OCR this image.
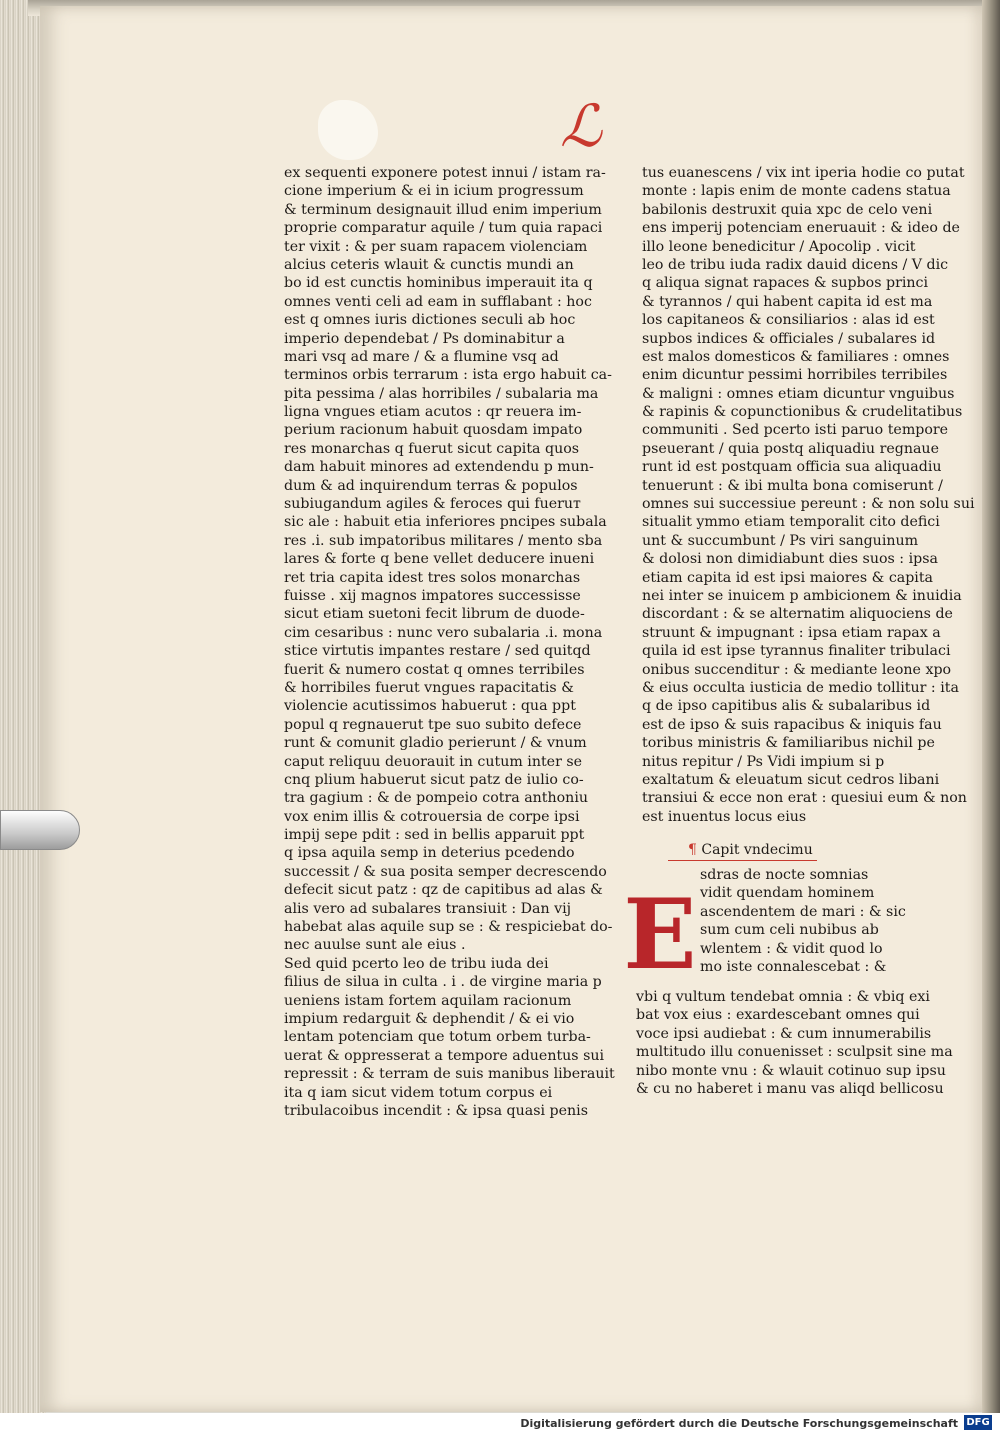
ℒ
ex sequenti exponere potest innui / istam ra-
cione imperium & ei in icium progressum
& terminum designauit illud enim imperium
proprie comparatur aquile / tum quia rapaci
ter vixit : & per suam rapacem violenciam
alcius ceteris wlauit & cunctis mundi an
bo id est cunctis hominibus imperauit ita q
omnes venti celi ad eam in sufflabant : hoc
est q omnes iuris dictiones seculi ab hoc
imperio dependebat / Ps dominabitur a
mari vsq ad mare / & a flumine vsq ad
terminos orbis terrarum : ista ergo habuit ca-
pita pessima / alas horribiles / subalaria ma
ligna vngues etiam acutos : qr reuera im-
perium racionum habuit quosdam impato
res monarchas q fuerut sicut capita quos
dam habuit minores ad extendendu p mun-
dum & ad inquirendum terras & populos
subiugandum agiles & feroces qui fueruт
sic ale : habuit etia inferiores pncipes subala
res .i. sub impatoribus militares / mento sba
lares & forte q bene vellet deducere inueni
ret tria capita idest tres solos monarchas
fuisse . xij magnos impatores successisse
sicut etiam suetoni fecit librum de duode-
cim cesaribus : nunc vero subalaria .i. mona
stice virtutis impantes restare / sed quitqd
fuerit & numero costat q omnes terribiles
& horribiles fuerut vngues rapacitatis &
violencie acutissimos habuerut : qua ppt
popul q regnauerut tpe suo subito defece
runt & comunit gladio perierunt / & vnum
caput reliquu deuorauit in cutum inter se
cnq plium habuerut sicut patz de iulio co-
tra gagium : & de pompeio cotra anthoniu
vox enim illis & cotrouersia de corpe ipsi
impij sepe pdit : sed in bellis apparuit ppt
q ipsa aquila semp in deterius pcedendo
successit / & sua posita semper decrescendo
defecit sicut patz : qz de capitibus ad alas &
alis vero ad subalares transiuit : Dan vij
habebat alas aquile sup se : & respiciebat do-
nec auulse sunt ale eius .
Sed quid pcerto leo de tribu iuda dei
filius de silua in culta . i . de virgine maria p
ueniens istam fortem aquilam racionum
impium redarguit & dephendit / & ei vio
lentam potenciam que totum orbem turba-
uerat & oppresserat a tempore aduentus sui
repressit : & terram de suis manibus liberauit
ita q iam sicut videm totum corpus ei
tribulacoibus incendit : & ipsa quasi penis
tus euanescens / vix int iperia hodie co putat
monte : lapis enim de monte cadens statua
babilonis destruxit quia xpc de celo veni
ens imperij potenciam eneruauit : & ideo de
illo leone benedicitur / Apocolip . vicit
leo de tribu iuda radix dauid dicens / V dic
q aliqua signat rapaces & supbos princi
& tyrannos / qui habent capita id est ma
los capitaneos & consiliarios : alas id est
supbos indices & officiales / subalares id
est malos domesticos & familiares : omnes
enim dicuntur pessimi horribiles terribiles
& maligni : omnes etiam dicuntur vnguibus
& rapinis & copunctionibus & crudelitatibus
communiti . Sed pcerto isti paruo tempore
pseuerant / quia postq aliquadiu regnaue
runt id est postquam officia sua aliquadiu
tenuerunt : & ibi multa bona comiserunt /
omnes sui successiue pereunt : & non solu sui
situalit ymmo etiam temporalit cito defici
unt & succumbunt / Ps viri sanguinum
& dolosi non dimidiabunt dies suos : ipsa
etiam capita id est ipsi maiores & capita
nei inter se inuicem p ambicionem & inuidia
discordant : & se alternatim aliquociens de
struunt & impugnant : ipsa etiam rapax a
quila id est ipse tyrannus finaliter tribulaci
onibus succenditur : & mediante leone xpo
& eius occulta iusticia de medio tollitur : ita
q de ipso capitibus alis & subalaribus id
est de ipso & suis rapacibus & iniquis fau
toribus ministris & familiaribus nichil pe
nitus repitur / Ps Vidi impium si p
exaltatum & eleuatum sicut cedros libani
transiui & ecce non erat : quesiui eum & non
est inuentus locus eius
¶ Capit vndecimu
E
sdras de nocte somnias
vidit quendam hominem
ascendentem de mari : & sic
sum cum celi nubibus ab
wlentem : & vidit quod lo
mo iste connalescebat : &
vbi q vultum tendebat omnia : & vbiq exi
bat vox eius : exardescebant omnes qui
voce ipsi audiebat : & cum innumerabilis
multitudo illu conuenisset : sculpsit sine ma
nibo monte vnu : & wlauit cotinuo sup ipsu
& cu no haberet i manu vas aliqd bellicosu
Digitalisierung gefördert durch die Deutsche Forschungsgemeinschaft DFG
